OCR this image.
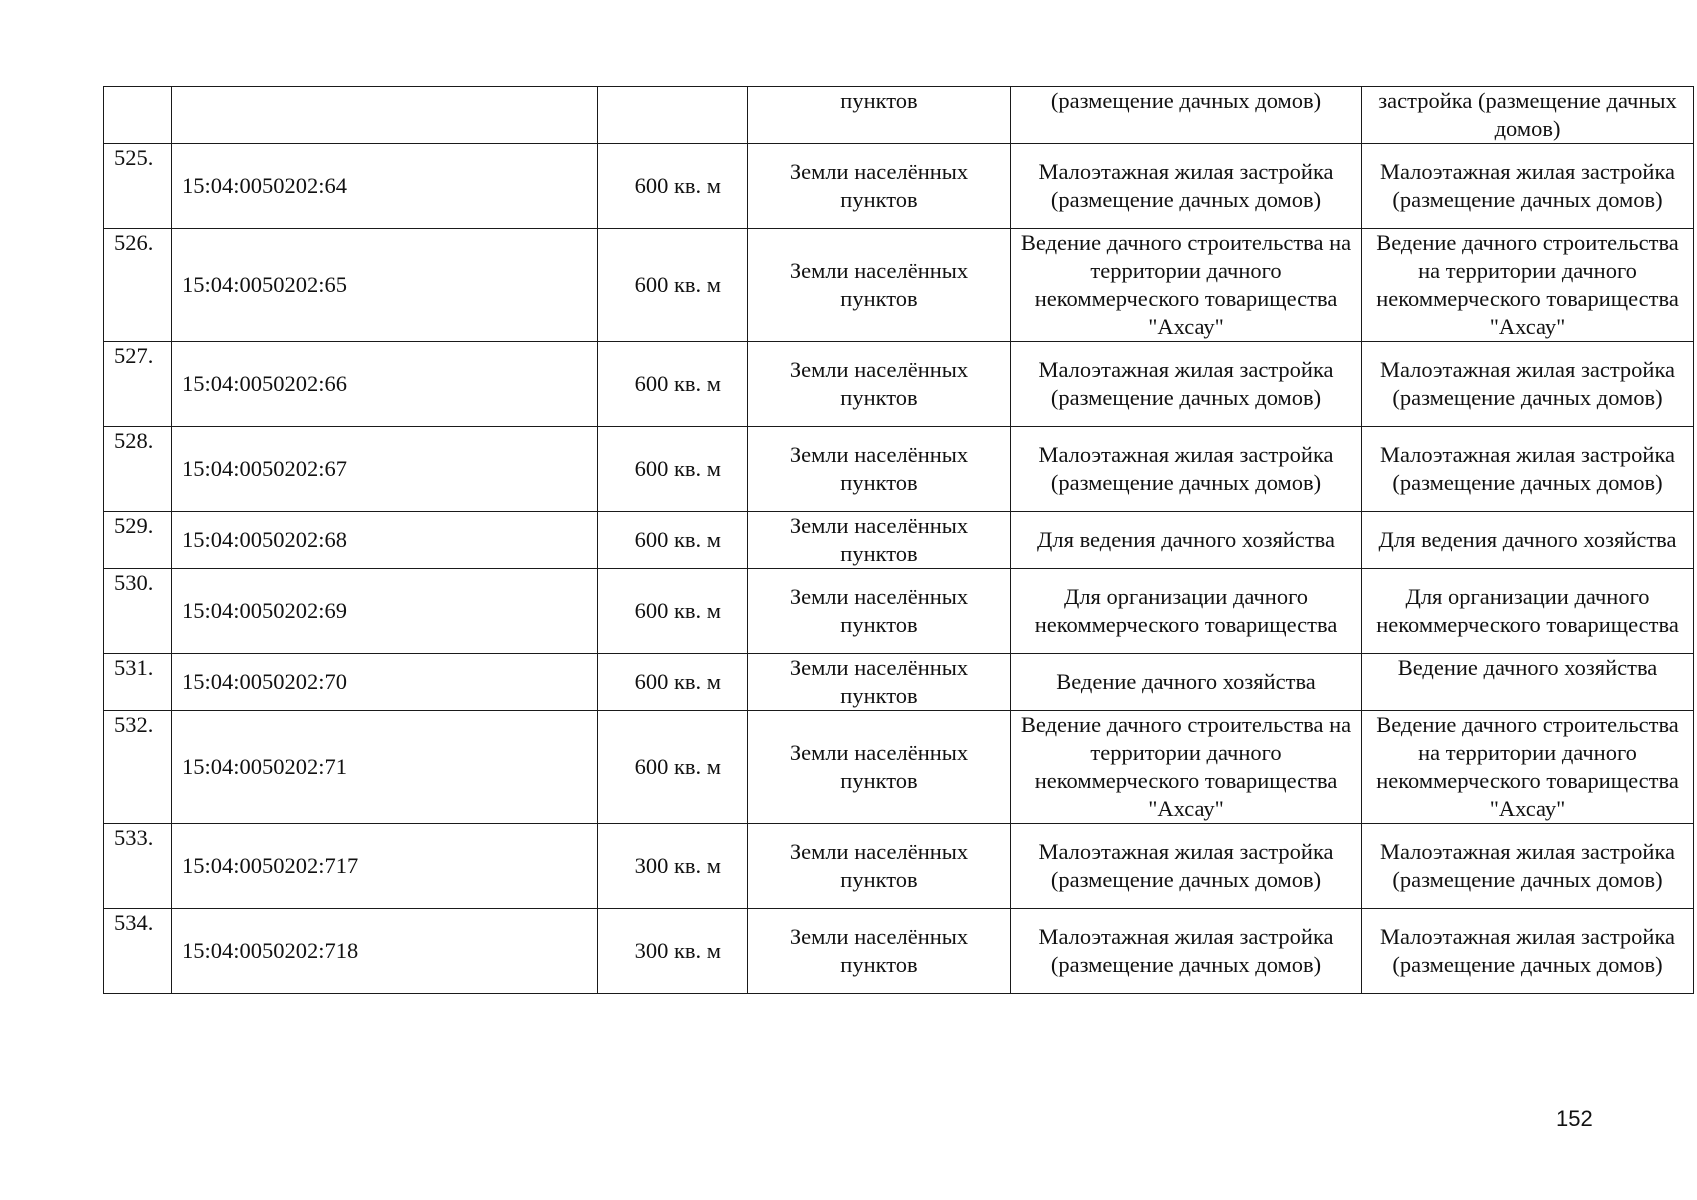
			пунктов	(размещение дачных домов)	застройка (размещение дачных домов)
525.	15:04:0050202:64	600 кв. м	Земли населённых пунктов	Малоэтажная жилая застройка (размещение дачных домов)	Малоэтажная жилая застройка (размещение дачных домов)
526.	15:04:0050202:65	600 кв. м	Земли населённых пунктов	Ведение дачного строительства на территории дачного некоммерческого товарищества "Ахсау"	Ведение дачного строительства на территории дачного некоммерческого товарищества "Ахсау"
527.	15:04:0050202:66	600 кв. м	Земли населённых пунктов	Малоэтажная жилая застройка (размещение дачных домов)	Малоэтажная жилая застройка (размещение дачных домов)
528.	15:04:0050202:67	600 кв. м	Земли населённых пунктов	Малоэтажная жилая застройка (размещение дачных домов)	Малоэтажная жилая застройка (размещение дачных домов)
529.	15:04:0050202:68	600 кв. м	Земли населённых пунктов	Для ведения дачного хозяйства	Для ведения дачного хозяйства
530.	15:04:0050202:69	600 кв. м	Земли населённых пунктов	Для организации дачного некоммерческого товарищества	Для организации дачного некоммерческого товарищества
531.	15:04:0050202:70	600 кв. м	Земли населённых пунктов	Ведение дачного хозяйства	Ведение дачного хозяйства
532.	15:04:0050202:71	600 кв. м	Земли населённых пунктов	Ведение дачного строительства на территории дачного некоммерческого товарищества "Ахсау"	Ведение дачного строительства на территории дачного некоммерческого товарищества "Ахсау"
533.	15:04:0050202:717	300 кв. м	Земли населённых пунктов	Малоэтажная жилая застройка (размещение дачных домов)	Малоэтажная жилая застройка (размещение дачных домов)
534.	15:04:0050202:718	300 кв. м	Земли населённых пунктов	Малоэтажная жилая застройка (размещение дачных домов)	Малоэтажная жилая застройка (размещение дачных домов)
152
